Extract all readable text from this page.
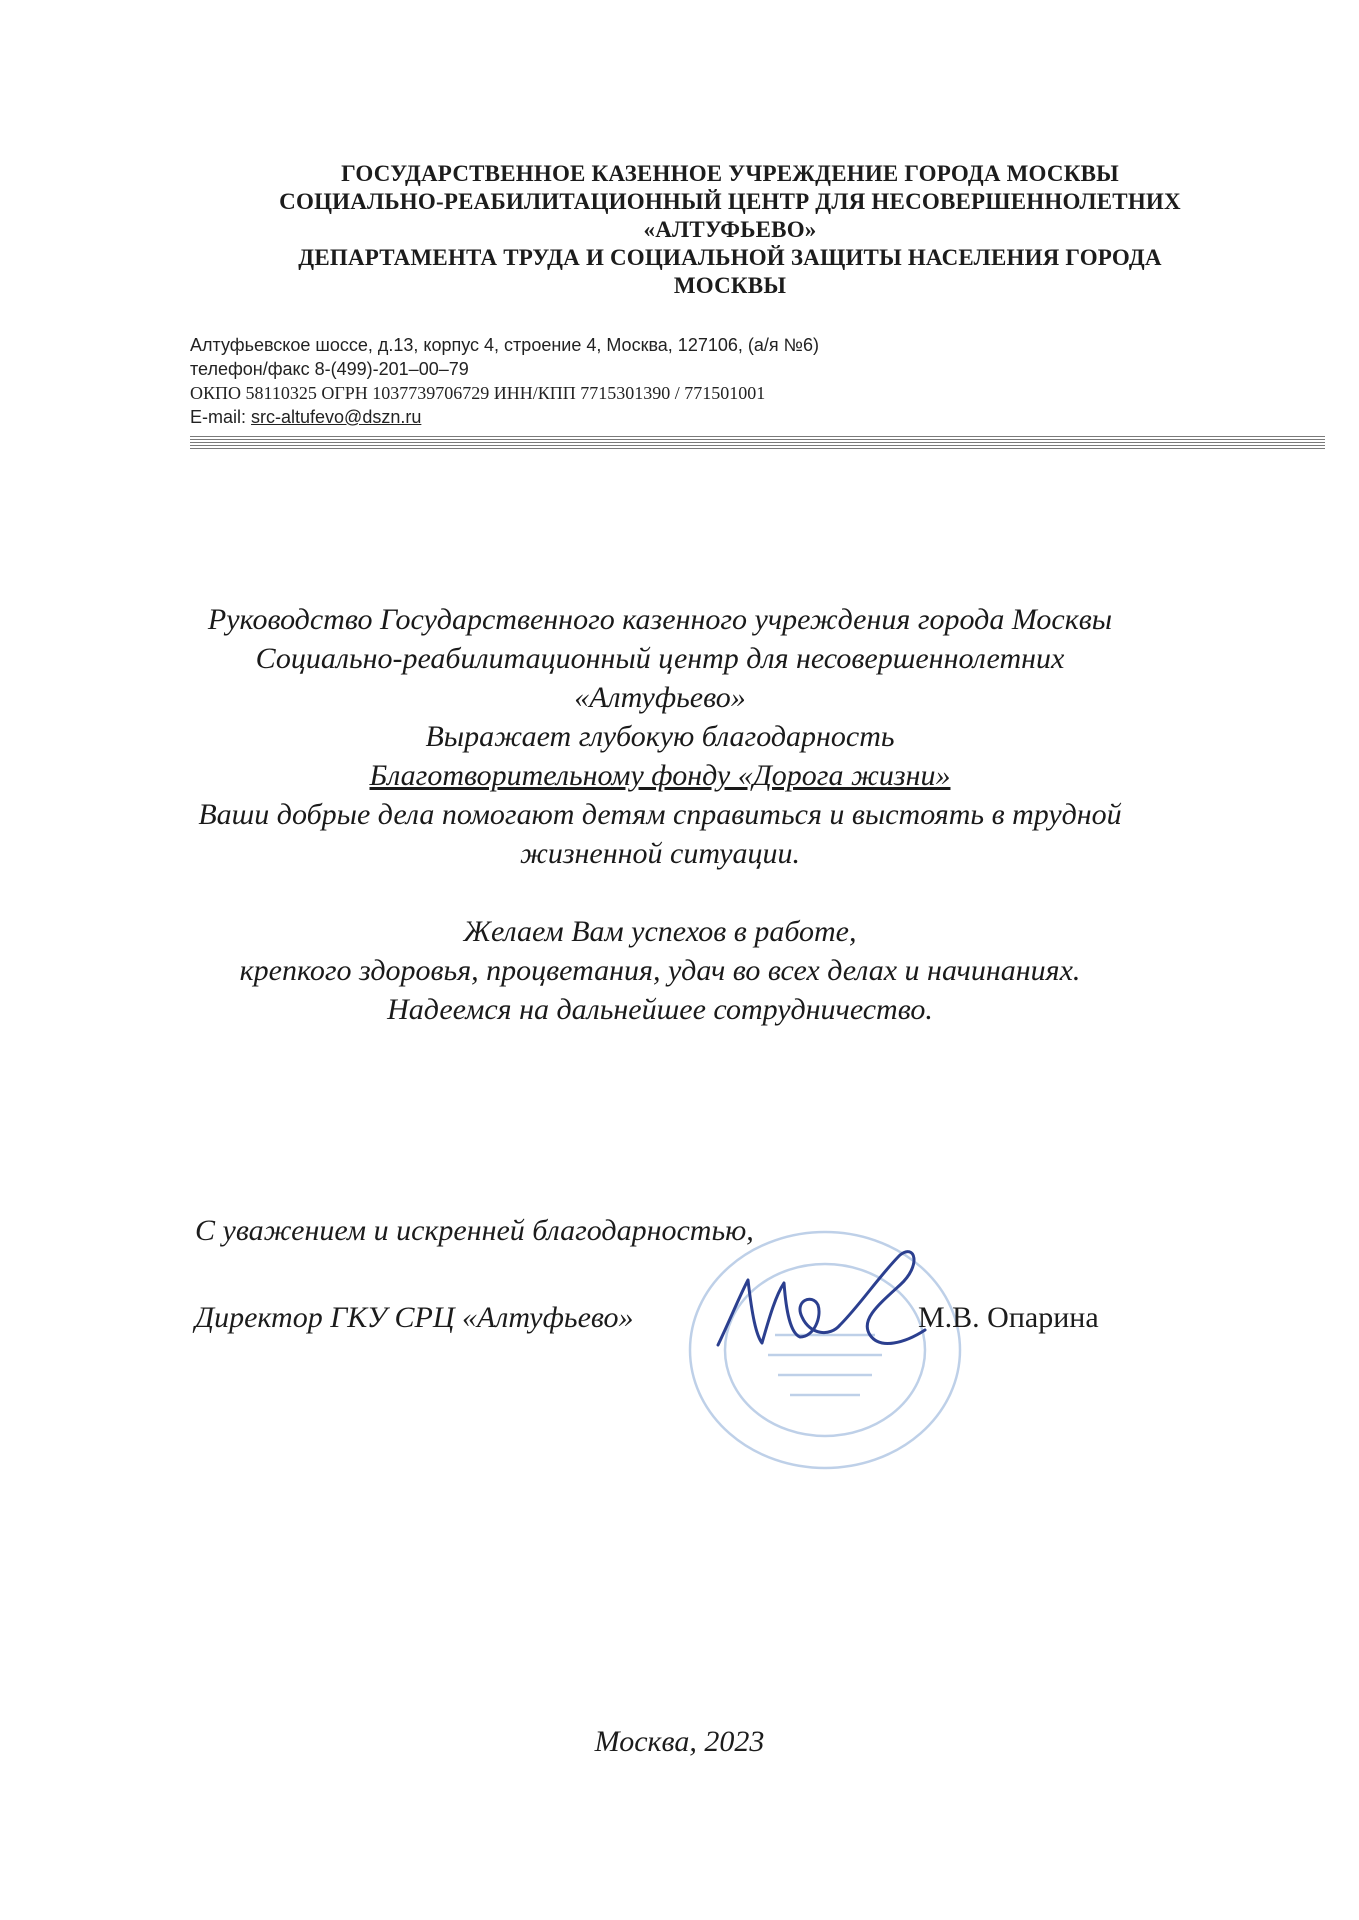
ГОСУДАРСТВЕННОЕ КАЗЕННОЕ УЧРЕЖДЕНИЕ ГОРОДА МОСКВЫ
СОЦИАЛЬНО-РЕАБИЛИТАЦИОННЫЙ ЦЕНТР ДЛЯ НЕСОВЕРШЕННОЛЕТНИХ
«АЛТУФЬЕВО»
ДЕПАРТАМЕНТА ТРУДА И СОЦИАЛЬНОЙ ЗАЩИТЫ НАСЕЛЕНИЯ ГОРОДА
МОСКВЫ
Алтуфьевское шоссе, д.13, корпус 4, строение 4, Москва, 127106, (а/я №6)
телефон/факс 8-(499)-201–00–79
ОКПО 58110325 ОГРН 1037739706729 ИНН/КПП 7715301390 / 771501001
E-mail: src-altufevo@dszn.ru
Руководство Государственного казенного учреждения города Москвы
Социально-реабилитационный центр для несовершеннолетних
«Алтуфьево»
Выражает глубокую благодарность
Благотворительному фонду «Дорога жизни»
Ваши добрые дела помогают детям справиться и выстоять в трудной
жизненной ситуации.
Желаем Вам успехов в работе,
крепкого здоровья, процветания, удач во всех делах и начинаниях.
Надеемся на дальнейшее сотрудничество.
С уважением и искренней благодарностью,
Директор ГКУ СРЦ «Алтуфьево»	М.В. Опарина
Москва, 2023
